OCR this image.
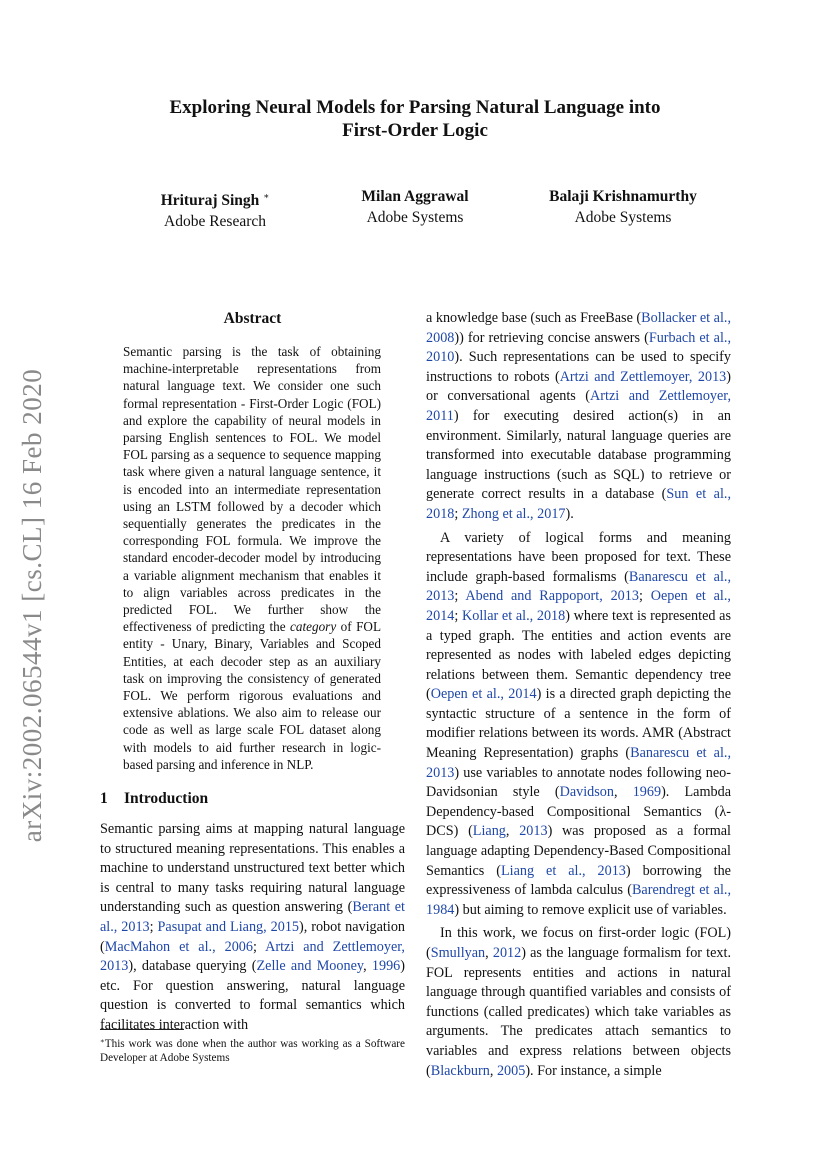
arXiv:2002.06544v1 [cs.CL] 16 Feb 2020
Exploring Neural Models for Parsing Natural Language into
First-Order Logic
Hrituraj Singh ∗
Adobe Research
Milan Aggrawal
Adobe Systems
Balaji Krishnamurthy
Adobe Systems
Abstract

Semantic parsing is the task of obtaining machine-interpretable representations from natural language text. We consider one such formal representation - First-Order Logic (FOL) and explore the capability of neural models in parsing English sentences to FOL. We model FOL parsing as a sequence to sequence mapping task where given a natural language sentence, it is encoded into an intermediate representation using an LSTM followed by a decoder which sequentially generates the predicates in the corresponding FOL formula. We improve the standard encoder-decoder model by introducing a variable alignment mechanism that enables it to align variables across predicates in the predicted FOL. We further show the effectiveness of predicting the category of FOL entity - Unary, Binary, Variables and Scoped Entities, at each decoder step as an auxiliary task on improving the consistency of generated FOL. We perform rigorous evaluations and extensive ablations. We also aim to release our code as well as large scale FOL dataset along with models to aid further research in logic-based parsing and inference in NLP.

1 Introduction

Semantic parsing aims at mapping natural language to structured meaning representations. This enables a machine to understand unstructured text better which is central to many tasks requiring natural language understanding such as question answering (Berant et al., 2013; Pasupat and Liang, 2015), robot navigation (MacMahon et al., 2006; Artzi and Zettlemoyer, 2013), database querying (Zelle and Mooney, 1996) etc. For question answering, natural language question is converted to formal semantics which facilitates interaction with

∗This work was done when the author was working as a Software Developer at Adobe Systems

a knowledge base (such as FreeBase (Bollacker et al., 2008)) for retrieving concise answers (Furbach et al., 2010). Such representations can be used to specify instructions to robots (Artzi and Zettlemoyer, 2013) or conversational agents (Artzi and Zettlemoyer, 2011) for executing desired action(s) in an environment. Similarly, natural language queries are transformed into executable database programming language instructions (such as SQL) to retrieve or generate correct results in a database (Sun et al., 2018; Zhong et al., 2017).

A variety of logical forms and meaning representations have been proposed for text. These include graph-based formalisms (Banarescu et al., 2013; Abend and Rappoport, 2013; Oepen et al., 2014; Kollar et al., 2018) where text is represented as a typed graph. The entities and action events are represented as nodes with labeled edges depicting relations between them. Semantic dependency tree (Oepen et al., 2014) is a directed graph depicting the syntactic structure of a sentence in the form of modifier relations between its words. AMR (Abstract Meaning Representation) graphs (Banarescu et al., 2013) use variables to annotate nodes following neo-Davidsonian style (Davidson, 1969). Lambda Dependency-based Compositional Semantics (λ-DCS) (Liang, 2013) was proposed as a formal language adapting Dependency-Based Compositional Semantics (Liang et al., 2013) borrowing the expressiveness of lambda calculus (Barendregt et al., 1984) but aiming to remove explicit use of variables.

In this work, we focus on first-order logic (FOL) (Smullyan, 2012) as the language formalism for text. FOL represents entities and actions in natural language through quantified variables and consists of functions (called predicates) which take variables as arguments. The predicates attach semantics to variables and express relations between objects (Blackburn, 2005). For instance, a simple
